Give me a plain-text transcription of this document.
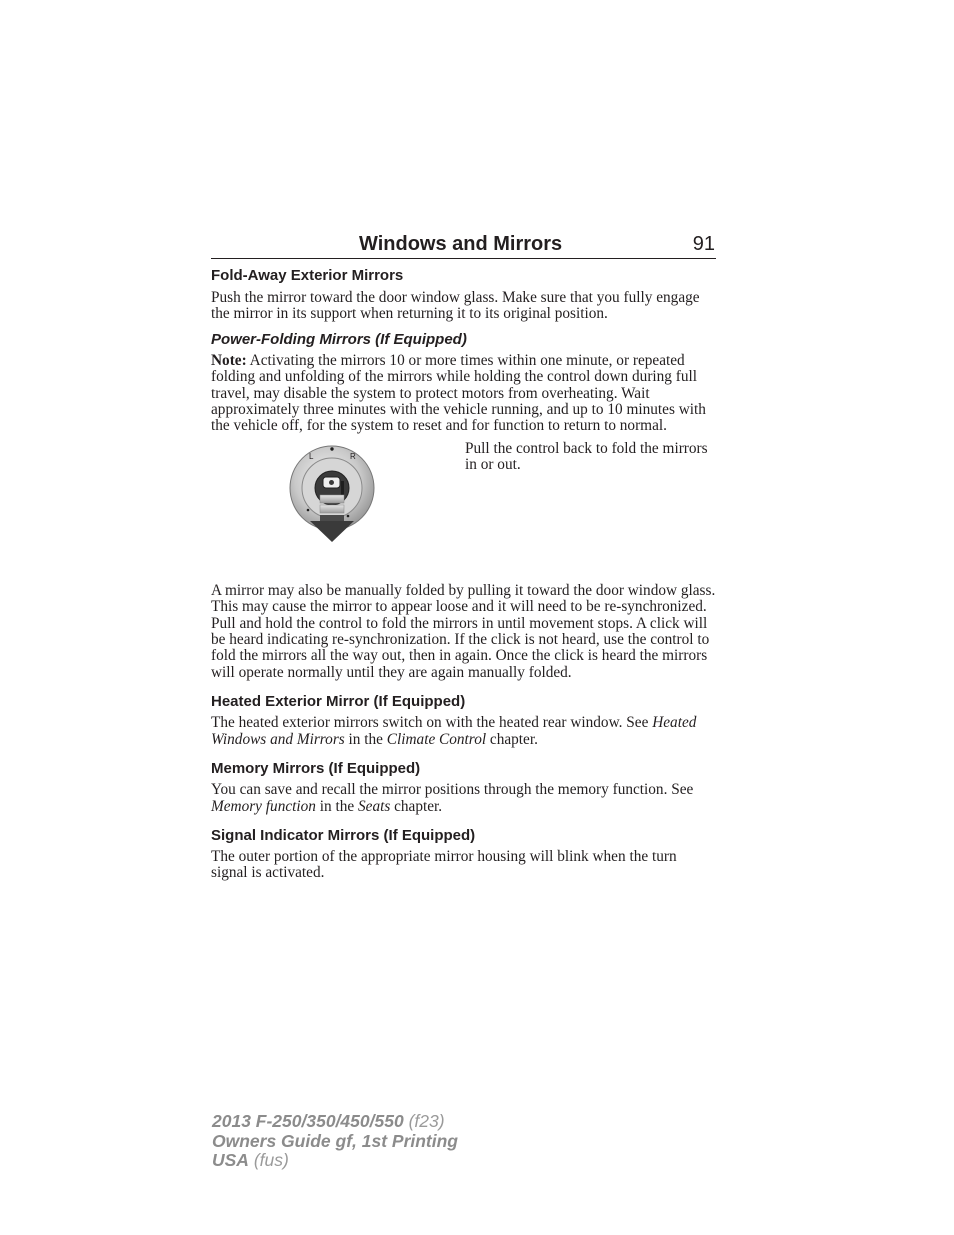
Windows and Mirrors	91
Fold-Away Exterior Mirrors

Push the mirror toward the door window glass. Make sure that you fully engage the mirror in its support when returning it to its original position.

Power-Folding Mirrors (If Equipped)

Note: Activating the mirrors 10 or more times within one minute, or repeated folding and unfolding of the mirrors while holding the control down during full travel, may disable the system to protect motors from overheating. Wait approximately three minutes with the vehicle running, and up to 10 minutes with the vehicle off, for the system to reset and for function to return to normal.

L	R	Pull the control back to fold the mirrors in or out.

A mirror may also be manually folded by pulling it toward the door window glass. This may cause the mirror to appear loose and it will need to be re-synchronized. Pull and hold the control to fold the mirrors in until movement stops. A click will be heard indicating re-synchronization. If the click is not heard, use the control to fold the mirrors all the way out, then in again. Once the click is heard the mirrors will operate normally until they are again manually folded.

Heated Exterior Mirror (If Equipped)

The heated exterior mirrors switch on with the heated rear window. See Heated Windows and Mirrors in the Climate Control chapter.

Memory Mirrors (If Equipped)

You can save and recall the mirror positions through the memory function. See Memory function in the Seats chapter.

Signal Indicator Mirrors (If Equipped)

The outer portion of the appropriate mirror housing will blink when the turn signal is activated.

2013 F-250/350/450/550 (f23)
Owners Guide gf, 1st Printing
USA (fus)
